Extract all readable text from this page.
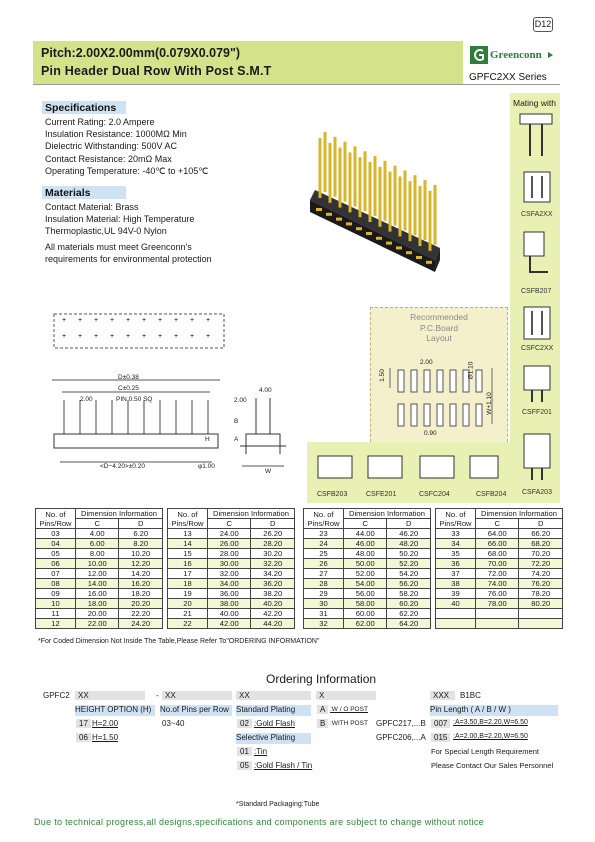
D12
Pitch:2.00X2.00mm(0.079X0.079")
Pin Header Dual Row With Post S.M.T
Greenconn
GPFC2XX Series
Specifications
Current Rating: 2.0 Ampere
Insulation Resistance: 1000MΩ Min
Dielectric Withstanding: 500V AC
Contact Resistance: 20mΩ Max
Operating Temperature: -40℃ to +105℃
Materials
Contact Material: Brass
Insulation Material: High Temperature
Thermoplastic,UL 94V-0 Nylon
All materials must meet Greenconn's
requirements for environmental protection
Mating with
CSFA2XX
CSFB207
CSFC2XX
CSFF201
CSFA203
+
+
+
+
+
+
+
+
+
+
+
+
+
+
+
+
+
+
+
+
D±0.38
C±0.25
2.00	PIN 0.50 SQ
<D−4.20>±0.20	φ1.00
4.00
2.00
B
A
H
W
Recommended
P.C.Board
Layout
2.00
1.50	Ø1.10
W+1.10
0.90
CSFB203	CSFE201	CSFC204	CSFB204
No. of
Pins/Row	Dimension Information	
	C	D
03	4.00	6.20
04	6.00	8.20
05	8.00	10.20
06	10.00	12.20
07	12.00	14.20
08	14.00	16.20
09	16.00	18.20
10	18.00	20.20
11	20.00	22.20
12	22.00	24.20
No. of
Pins/Row	Dimension Information	
	C	D
13	24.00	26.20
14	26.00	28.20
15	28.00	30.20
16	30.00	32.20
17	32.00	34.20
18	34.00	36.20
19	36.00	38.20
20	38.00	40.20
21	40.00	42.20
22	42.00	44.20
No. of
Pins/Row	Dimension Information	
	C	D
23	44.00	46.20
24	46.00	48.20
25	48.00	50.20
26	50.00	52.20
27	52.00	54.20
28	54.00	56.20
29	56.00	58.20
30	58.00	60.20
31	60.00	62.20
32	62.00	64.20
No. of
Pins/Row	Dimension Information	
	C	D
33	64.00	66.20
34	66.00	68.20
35	68.00	70.20
36	70.00	72.20
37	72.00	74.20
38	74.00	76.20
39	76.00	78.20
40	78.00	80.20

*For Coded Dimension Not Inside The Table,Please Refer To"ORDERING INFORMATION"
Ordering Information
GPFC2	XX	- XX	XX	X	XXX	B1BC
HEIGHT OPTION (H)
17 H=2.00
06 H=1.50
No.of Pins per Row
03~40
Standard Plating
02 :Gold Flash
Selective Plating
01 :Tin
05 :Gold Flash / Tin
A :W / O POST
B :WITH POST GPFC217,...B
GPFC206,...A
Pin Length ( A / B / W )
007 :A=3.50,B=2.20,W=6.50
015 :A=2.00,B=2.20,W=6.50
For Special Length Requirement
Please Contact Our Sales Personnel
*Standard Packaging:Tube
Due to technical progress,all designs,specifications and components are subject to change without notice
